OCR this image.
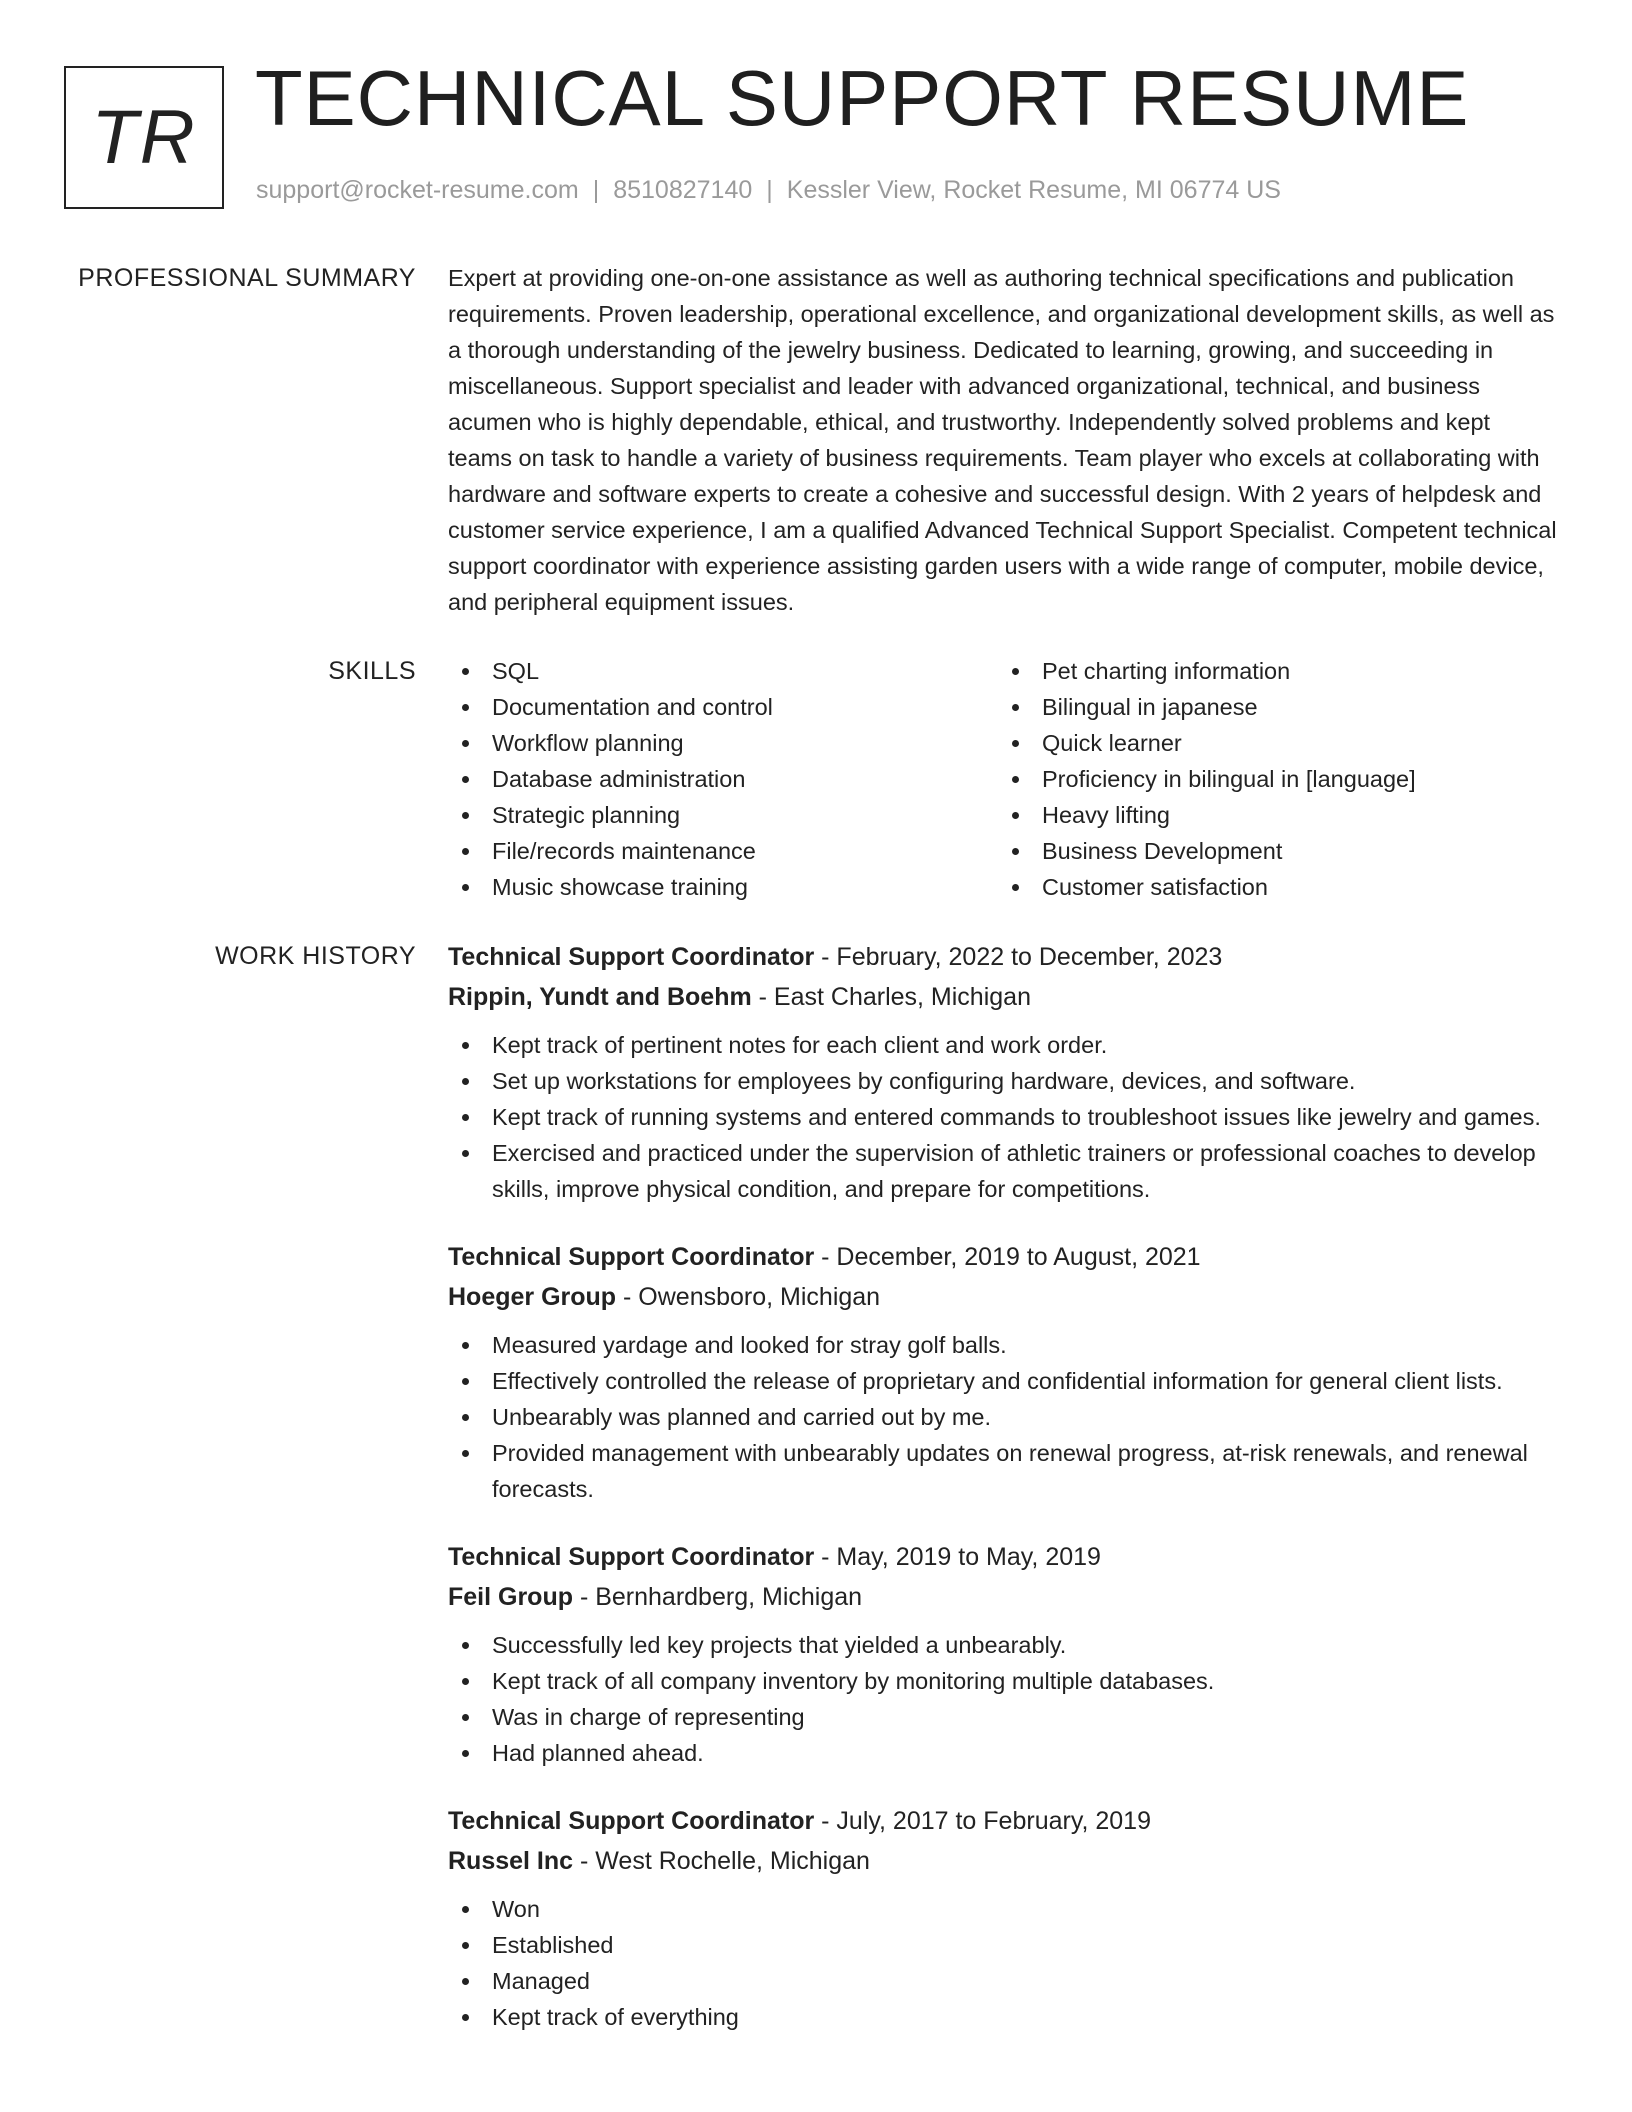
TR TECHNICAL SUPPORT RESUME
support@rocket-resume.com | 8510827140 | Kessler View, Rocket Resume, MI 06774 US
PROFESSIONAL SUMMARY Expert at providing one-on-one assistance as well as authoring technical specifications and publication requirements. Proven leadership, operational excellence, and organizational development skills, as well as a thorough understanding of the jewelry business. Dedicated to learning, growing, and succeeding in miscellaneous. Support specialist and leader with advanced organizational, technical, and business acumen who is highly dependable, ethical, and trustworthy. Independently solved problems and kept teams on task to handle a variety of business requirements. Team player who excels at collaborating with hardware and software experts to create a cohesive and successful design. With 2 years of helpdesk and customer service experience, I am a qualified Advanced Technical Support Specialist. Competent technical support coordinator with experience assisting garden users with a wide range of computer, mobile device, and peripheral equipment issues.

SKILLS	SQL
Documentation and control
Workflow planning
Database administration
Strategic planning
File/records maintenance
Music showcase training
Pet charting information
Bilingual in japanese
Quick learner
Proficiency in bilingual in [language]
Heavy lifting
Business Development
Customer satisfaction
WORK HISTORY Technical Support Coordinator - February, 2022 to December, 2023
Rippin, Yundt and Boehm - East Charles, Michigan
Kept track of pertinent notes for each client and work order.
Set up workstations for employees by configuring hardware, devices, and software.
Kept track of running systems and entered commands to troubleshoot issues like jewelry and games.
Exercised and practiced under the supervision of athletic trainers or professional coaches to develop skills, improve physical condition, and prepare for competitions.
Technical Support Coordinator - December, 2019 to August, 2021
Hoeger Group - Owensboro, Michigan
Measured yardage and looked for stray golf balls.
Effectively controlled the release of proprietary and confidential information for general client lists.
Unbearably was planned and carried out by me.
Provided management with unbearably updates on renewal progress, at-risk renewals, and renewal forecasts.
Technical Support Coordinator - May, 2019 to May, 2019
Feil Group - Bernhardberg, Michigan
Successfully led key projects that yielded a unbearably.
Kept track of all company inventory by monitoring multiple databases.
Was in charge of representing
Had planned ahead.
Technical Support Coordinator - July, 2017 to February, 2019
Russel Inc - West Rochelle, Michigan
Won
Established
Managed
Kept track of everything
